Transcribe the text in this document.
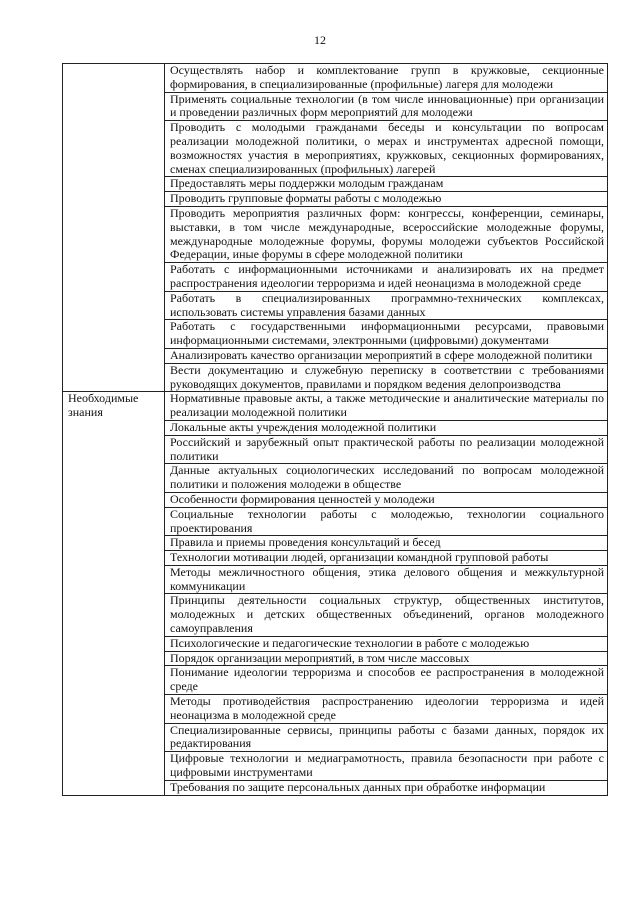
12
	Осуществлять набор и комплектование групп в кружковые, секционные формирования, в специализированные (профильные) лагеря для молодежи
	Применять социальные технологии (в том числе инновационные) при организации и проведении различных форм мероприятий для молодежи
	Проводить с молодыми гражданами беседы и консультации по вопросам реализации молодежной политики, о мерах и инструментах адресной помощи, возможностях участия в мероприятиях, кружковых, секционных формированиях, сменах специализированных (профильных) лагерей
	Предоставлять меры поддержки молодым гражданам
	Проводить групповые форматы работы с молодежью
	Проводить мероприятия различных форм: конгрессы, конференции, семинары, выставки, в том числе международные, всероссийские молодежные форумы, международные молодежные форумы, форумы молодежи субъектов Российской Федерации, иные форумы в сфере молодежной политики
	Работать с информационными источниками и анализировать их на предмет распространения идеологии терроризма и идей неонацизма в молодежной среде
	Работать в специализированных программно-технических комплексах, использовать системы управления базами данных
	Работать с государственными информационными ресурсами, правовыми информационными системами, электронными (цифровыми) документами
	Анализировать качество организации мероприятий в сфере молодежной политики
	Вести документацию и служебную переписку в соответствии с требованиями руководящих документов, правилами и порядком ведения делопроизводства
Необходимые знания	Нормативные правовые акты, а также методические и аналитические материалы по реализации молодежной политики
	Локальные акты учреждения молодежной политики
	Российский и зарубежный опыт практической работы по реализации молодежной политики
	Данные актуальных социологических исследований по вопросам молодежной политики и положения молодежи в обществе
	Особенности формирования ценностей у молодежи
	Социальные технологии работы с молодежью, технологии социального проектирования
	Правила и приемы проведения консультаций и бесед
	Технологии мотивации людей, организации командной групповой работы
	Методы межличностного общения, этика делового общения и межкультурной коммуникации
	Принципы деятельности социальных структур, общественных институтов, молодежных и детских общественных объединений, органов молодежного самоуправления
	Психологические и педагогические технологии в работе с молодежью
	Порядок организации мероприятий, в том числе массовых
	Понимание идеологии терроризма и способов ее распространения в молодежной среде
	Методы противодействия распространению идеологии терроризма и идей неонацизма в молодежной среде
	Специализированные сервисы, принципы работы с базами данных, порядок их редактирования
	Цифровые технологии и медиаграмотность, правила безопасности при работе с цифровыми инструментами
	Требования по защите персональных данных при обработке информации
